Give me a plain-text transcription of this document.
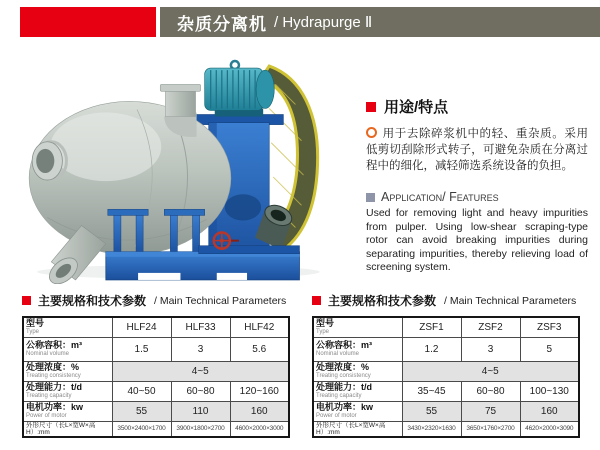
杂质分离机 / Hydrapurge Ⅱ
用途/特点
用于去除碎浆机中的轻、重杂质。采用低剪切刮除形式转子，可避免杂质在分离过程中的细化，减轻筛选系统设备的负担。
Application/ Features
Used for removing light and heavy impurities from pulper. Using low-shear scraping-type rotor can avoid breaking impurities during separating impurities, thereby relieving load of screening system.
主要规格和技术参数 / Main Technical Parameters
型号
Type	HLF24	HLF33	HLF42

公称容积：m³
Nominal volume	1.5	3	5.6

处理浓度：%
Treating consistency	4~5		

处理能力：t/d
Treating capacity	40~50	60~80	120~160

电机功率：kw
Power of motor	55	110	160

外形尺寸（长L×宽W×高H）:mm	3500×2400×1700	3900×1800×2700	4600×2000×3000
主要规格和技术参数 / Main Technical Parameters
型号
Type	ZSF1	ZSF2	ZSF3

公称容积：m³
Nominal volume	1.2	3	5

处理浓度：%
Treating consistency	4~5		

处理能力：t/d
Treating capacity	35~45	60~80	100~130

电机功率：kw
Power of motor	55	75	160

外形尺寸（长L×宽W×高H）:mm	3430×2320×1630	3650×1760×2700	4620×2000×3090
